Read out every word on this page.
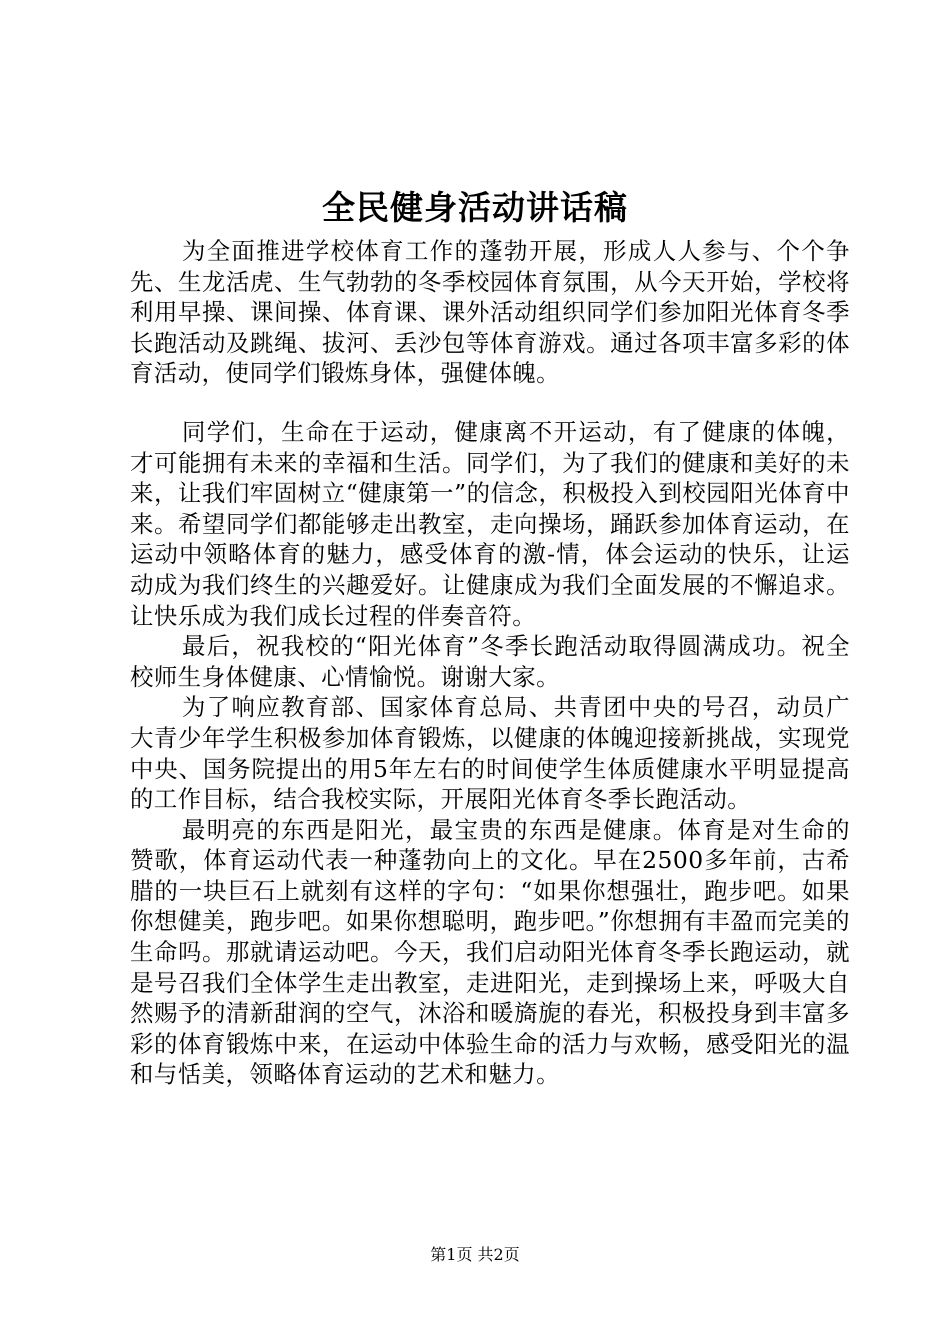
全民健身活动讲话稿

为全面推进学校体育工作的蓬勃开展，形成人人参与、个个争先、生龙活虎、生气勃勃的冬季校园体育氛围，从今天开始，学校将利用早操、课间操、体育课、课外活动组织同学们参加阳光体育冬季长跑活动及跳绳、拔河、丢沙包等体育游戏。通过各项丰富多彩的体育活动，使同学们锻炼身体，强健体魄。

同学们，生命在于运动，健康离不开运动，有了健康的体魄，才可能拥有未来的幸福和生活。同学们，为了我们的健康和美好的未来，让我们牢固树立“健康第一”的信念，积极投入到校园阳光体育中来。希望同学们都能够走出教室，走向操场，踊跃参加体育运动，在运动中领略体育的魅力，感受体育的激-情，体会运动的快乐，让运动成为我们终生的兴趣爱好。让健康成为我们全面发展的不懈追求。让快乐成为我们成长过程的伴奏音符。

最后，祝我校的“阳光体育”冬季长跑活动取得圆满成功。祝全校师生身体健康、心情愉悦。谢谢大家。

为了响应教育部、国家体育总局、共青团中央的号召，动员广大青少年学生积极参加体育锻炼，以健康的体魄迎接新挑战，实现党中央、国务院提出的用5年左右的时间使学生体质健康水平明显提高的工作目标，结合我校实际，开展阳光体育冬季长跑活动。

最明亮的东西是阳光，最宝贵的东西是健康。体育是对生命的赞歌，体育运动代表一种蓬勃向上的文化。早在2500多年前，古希腊的一块巨石上就刻有这样的字句：“如果你想强壮，跑步吧。如果你想健美，跑步吧。如果你想聪明，跑步吧。”你想拥有丰盈而完美的生命吗。那就请运动吧。今天，我们启动阳光体育冬季长跑运动，就是号召我们全体学生走出教室，走进阳光，走到操场上来，呼吸大自然赐予的清新甜润的空气，沐浴和暖旖旎的春光，积极投身到丰富多彩的体育锻炼中来，在运动中体验生命的活力与欢畅，感受阳光的温和与恬美，领略体育运动的艺术和魅力。

第1页 共2页
